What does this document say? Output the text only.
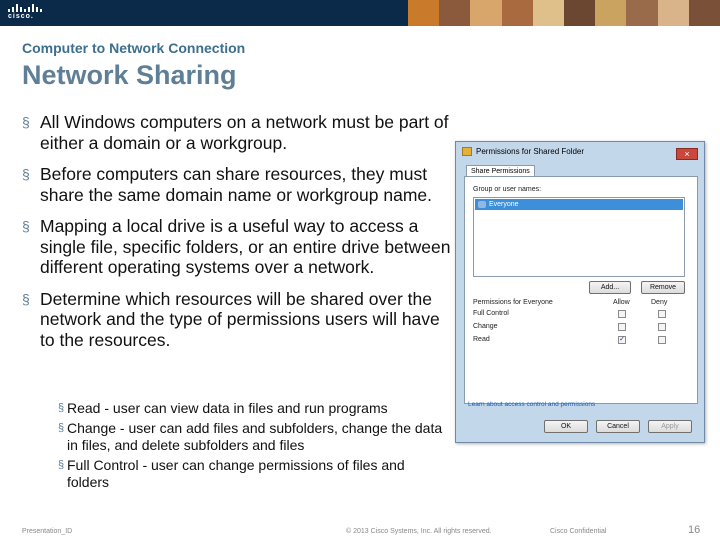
cisco.
Computer to Network Connection
Network Sharing
§ All Windows computers on a network must be part of either a domain or a workgroup.
§ Before computers can share resources, they must share the same domain name or workgroup name.
§ Mapping a local drive is a useful way to access a single file, specific folders, or an entire drive between different operating systems over a network.
§ Determine which resources will be shared over the network and the type of permissions users will have to the resources.
§ Read - user can view data in files and run programs
§ Change - user can add files and subfolders, change the data in files, and delete subfolders and files
§ Full Control - user can change permissions of files and folders
Permissions for Shared Folder	×
Share Permissions
Group or user names:
Everyone
Add...	Remove
Permissions for Everyone	Allow	Deny
Full Control
Change
Read	✓
Learn about access control and permissions
OK	Cancel	Apply
Presentation_ID	© 2013 Cisco Systems, Inc. All rights reserved.	Cisco Confidential	16
